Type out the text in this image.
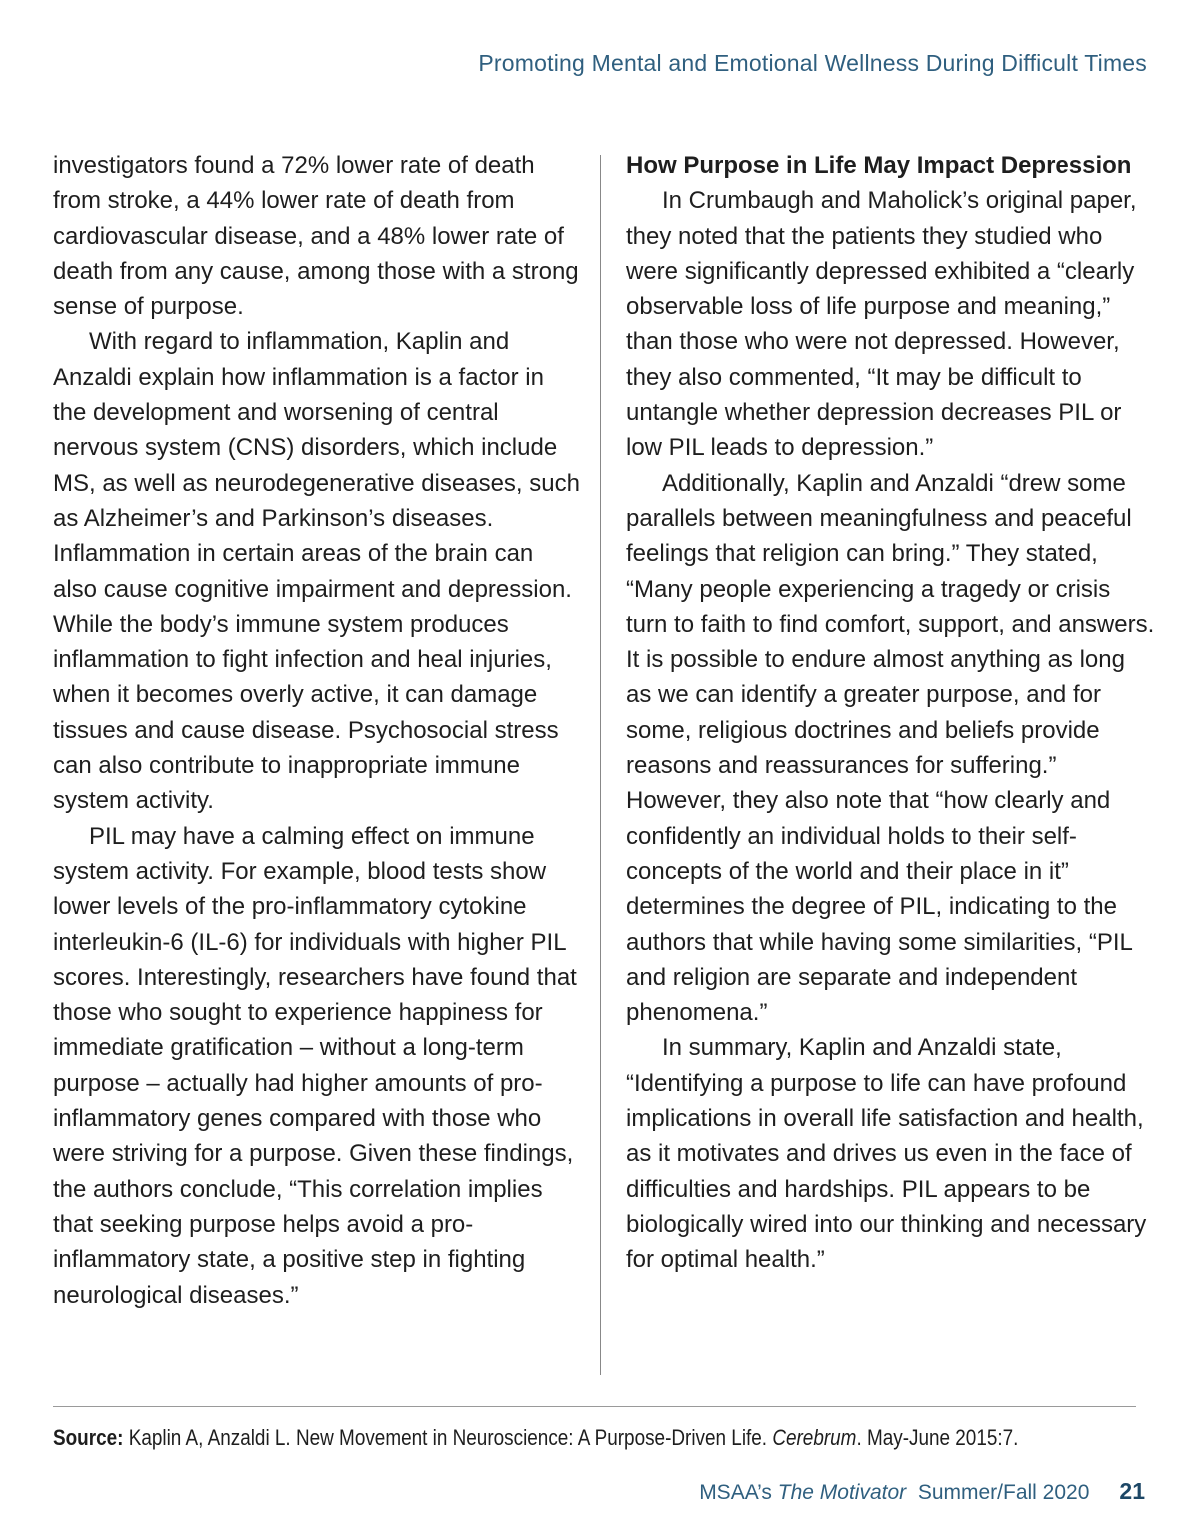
Promoting Mental and Emotional Wellness During Difficult Times

investigators found a 72% lower rate of death from stroke, a 44% lower rate of death from cardiovascular disease, and a 48% lower rate of death from any cause, among those with a strong sense of purpose.

With regard to inflammation, Kaplin and Anzaldi explain how inflammation is a factor in the development and worsening of central nervous system (CNS) disorders, which include MS, as well as neurodegenerative diseases, such as Alzheimer’s and Parkinson’s diseases. Inflammation in certain areas of the brain can also cause cognitive impairment and depression. While the body’s immune system produces inflammation to fight infection and heal injuries, when it becomes overly active, it can damage tissues and cause disease. Psychosocial stress can also contribute to inappropriate immune system activity.

PIL may have a calming effect on immune system activity. For example, blood tests show lower levels of the pro-inflammatory cytokine interleukin-6 (IL-6) for individuals with higher PIL scores. Interestingly, researchers have found that those who sought to experience happiness for immediate gratification – without a long-term purpose – actually had higher amounts of pro-inflammatory genes compared with those who were striving for a purpose. Given these findings, the authors conclude, “This correlation implies that seeking purpose helps avoid a pro-inflammatory state, a positive step in fighting neurological diseases.”

How Purpose in Life May Impact Depression

In Crumbaugh and Maholick’s original paper, they noted that the patients they studied who were significantly depressed exhibited a “clearly observable loss of life purpose and meaning,” than those who were not depressed. However, they also commented, “It may be difficult to untangle whether depression decreases PIL or low PIL leads to depression.”

Additionally, Kaplin and Anzaldi “drew some parallels between meaningfulness and peaceful feelings that religion can bring.” They stated, “Many people experiencing a tragedy or crisis turn to faith to find comfort, support, and answers. It is possible to endure almost anything as long as we can identify a greater purpose, and for some, religious doctrines and beliefs provide reasons and reassurances for suffering.” However, they also note that “how clearly and confidently an individual holds to their self-concepts of the world and their place in it” determines the degree of PIL, indicating to the authors that while having some similarities, “PIL and religion are separate and independent phenomena.”

In summary, Kaplin and Anzaldi state, “Identifying a purpose to life can have profound implications in overall life satisfaction and health, as it motivates and drives us even in the face of difficulties and hardships. PIL appears to be biologically wired into our thinking and necessary for optimal health.”

Source: Kaplin A, Anzaldi L. New Movement in Neuroscience: A Purpose-Driven Life. Cerebrum. May-June 2015:7.
MSAA’s The Motivator  Summer/Fall 2020 21
